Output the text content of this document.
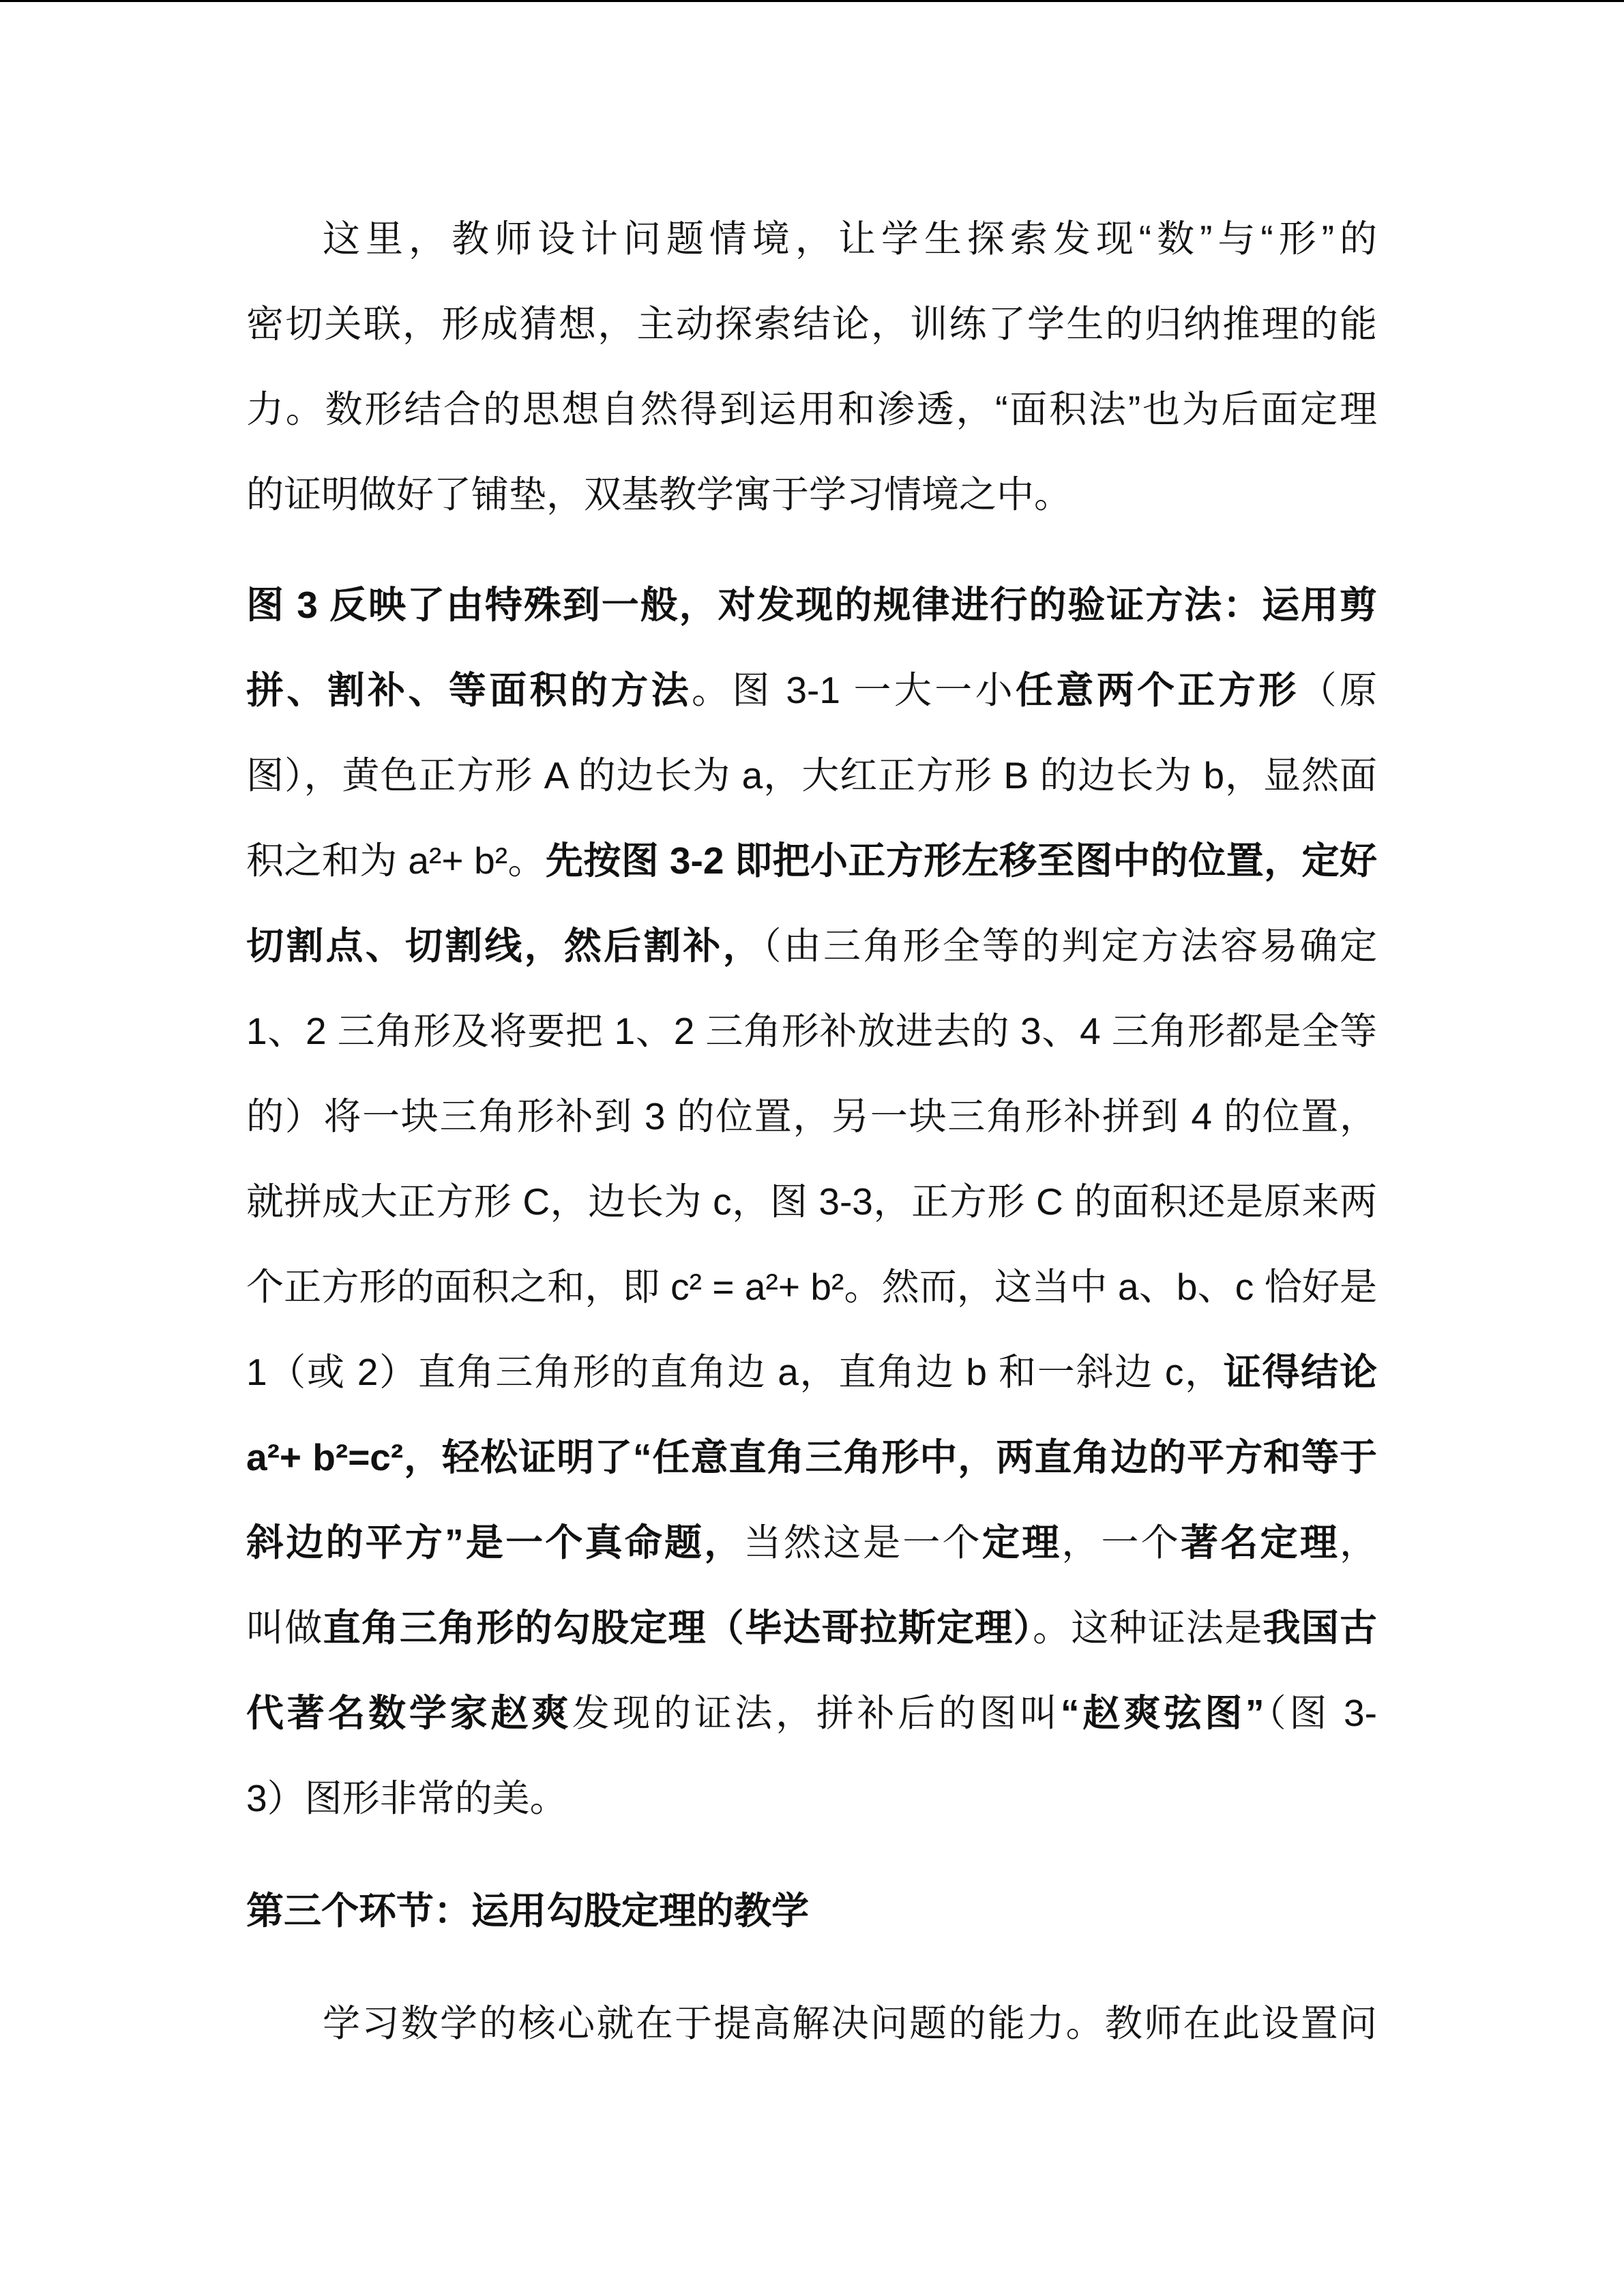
这里，教师设计问题情境，让学生探索发现“数”与“形”的
密切关联，形成猜想，主动探索结论，训练了学生的归纳推理的能
力。数形结合的思想自然得到运用和渗透，“面积法”也为后面定理
的证明做好了铺垫，双基教学寓于学习情境之中。
图 3 反映了由特殊到一般，对发现的规律进行的验证方法：运用剪
拼、割补、等面积的方法。图 3-1 一大一小任意两个正方形（原
图），黄色正方形 A 的边长为 a，大红正方形 B 的边长为 b，显然面
积之和为 a²+ b²。先按图 3-2 即把小正方形左移至图中的位置，定好
切割点、切割线，然后割补，（由三角形全等的判定方法容易确定
1、2 三角形及将要把 1、2 三角形补放进去的 3、4 三角形都是全等
的）将一块三角形补到 3 的位置，另一块三角形补拼到 4 的位置，
就拼成大正方形 C，边长为 c，图 3-3，正方形 C 的面积还是原来两
个正方形的面积之和，即 c² = a²+ b²。然而，这当中 a、b、c 恰好是
1（或 2）直角三角形的直角边 a，直角边 b 和一斜边 c，证得结论
a²+ b²=c²，轻松证明了“任意直角三角形中，两直角边的平方和等于
斜边的平方”是一个真命题，当然这是一个定理，一个著名定理，
叫做直角三角形的勾股定理（毕达哥拉斯定理）。这种证法是我国古
代著名数学家赵爽发现的证法，拼补后的图叫“赵爽弦图”（图 3-
3）图形非常的美。
第三个环节：运用勾股定理的教学
学习数学的核心就在于提高解决问题的能力。教师在此设置问
